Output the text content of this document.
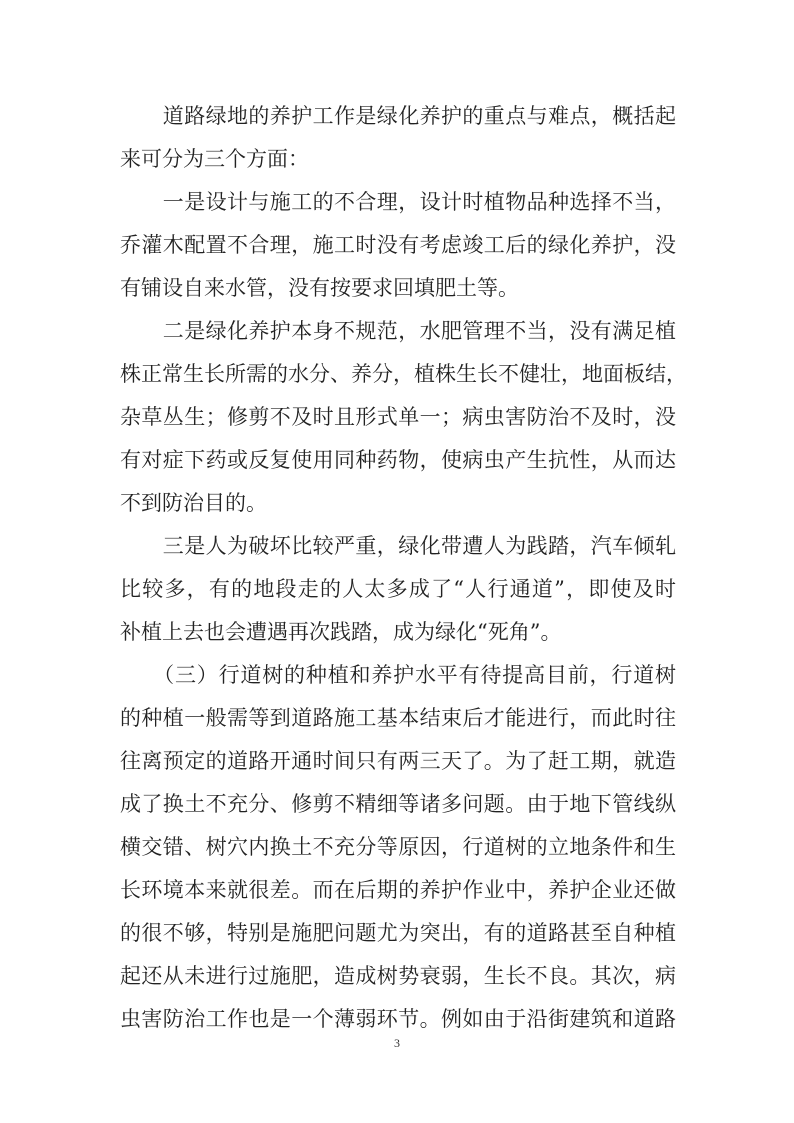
　　道路绿地的养护工作是绿化养护的重点与难点，概括起
来可分为三个方面：
　　一是设计与施工的不合理，设计时植物品种选择不当，
乔灌木配置不合理，施工时没有考虑竣工后的绿化养护，没
有铺设自来水管，没有按要求回填肥土等。
　　二是绿化养护本身不规范，水肥管理不当，没有满足植
株正常生长所需的水分、养分，植株生长不健壮，地面板结，
杂草丛生；修剪不及时且形式单一；病虫害防治不及时，没
有对症下药或反复使用同种药物，使病虫产生抗性，从而达
不到防治目的。
　　三是人为破坏比较严重，绿化带遭人为践踏，汽车倾轧
比较多，有的地段走的人太多成了“人行通道”，即使及时
补植上去也会遭遇再次践踏，成为绿化“死角”。
　　（三）行道树的种植和养护水平有待提高目前，行道树
的种植一般需等到道路施工基本结束后才能进行，而此时往
往离预定的道路开通时间只有两三天了。为了赶工期，就造
成了换土不充分、修剪不精细等诸多问题。由于地下管线纵
横交错、树穴内换土不充分等原因，行道树的立地条件和生
长环境本来就很差。而在后期的养护作业中，养护企业还做
的很不够，特别是施肥问题尤为突出，有的道路甚至自种植
起还从未进行过施肥，造成树势衰弱，生长不良。其次，病
虫害防治工作也是一个薄弱环节。例如由于沿街建筑和道路
3
